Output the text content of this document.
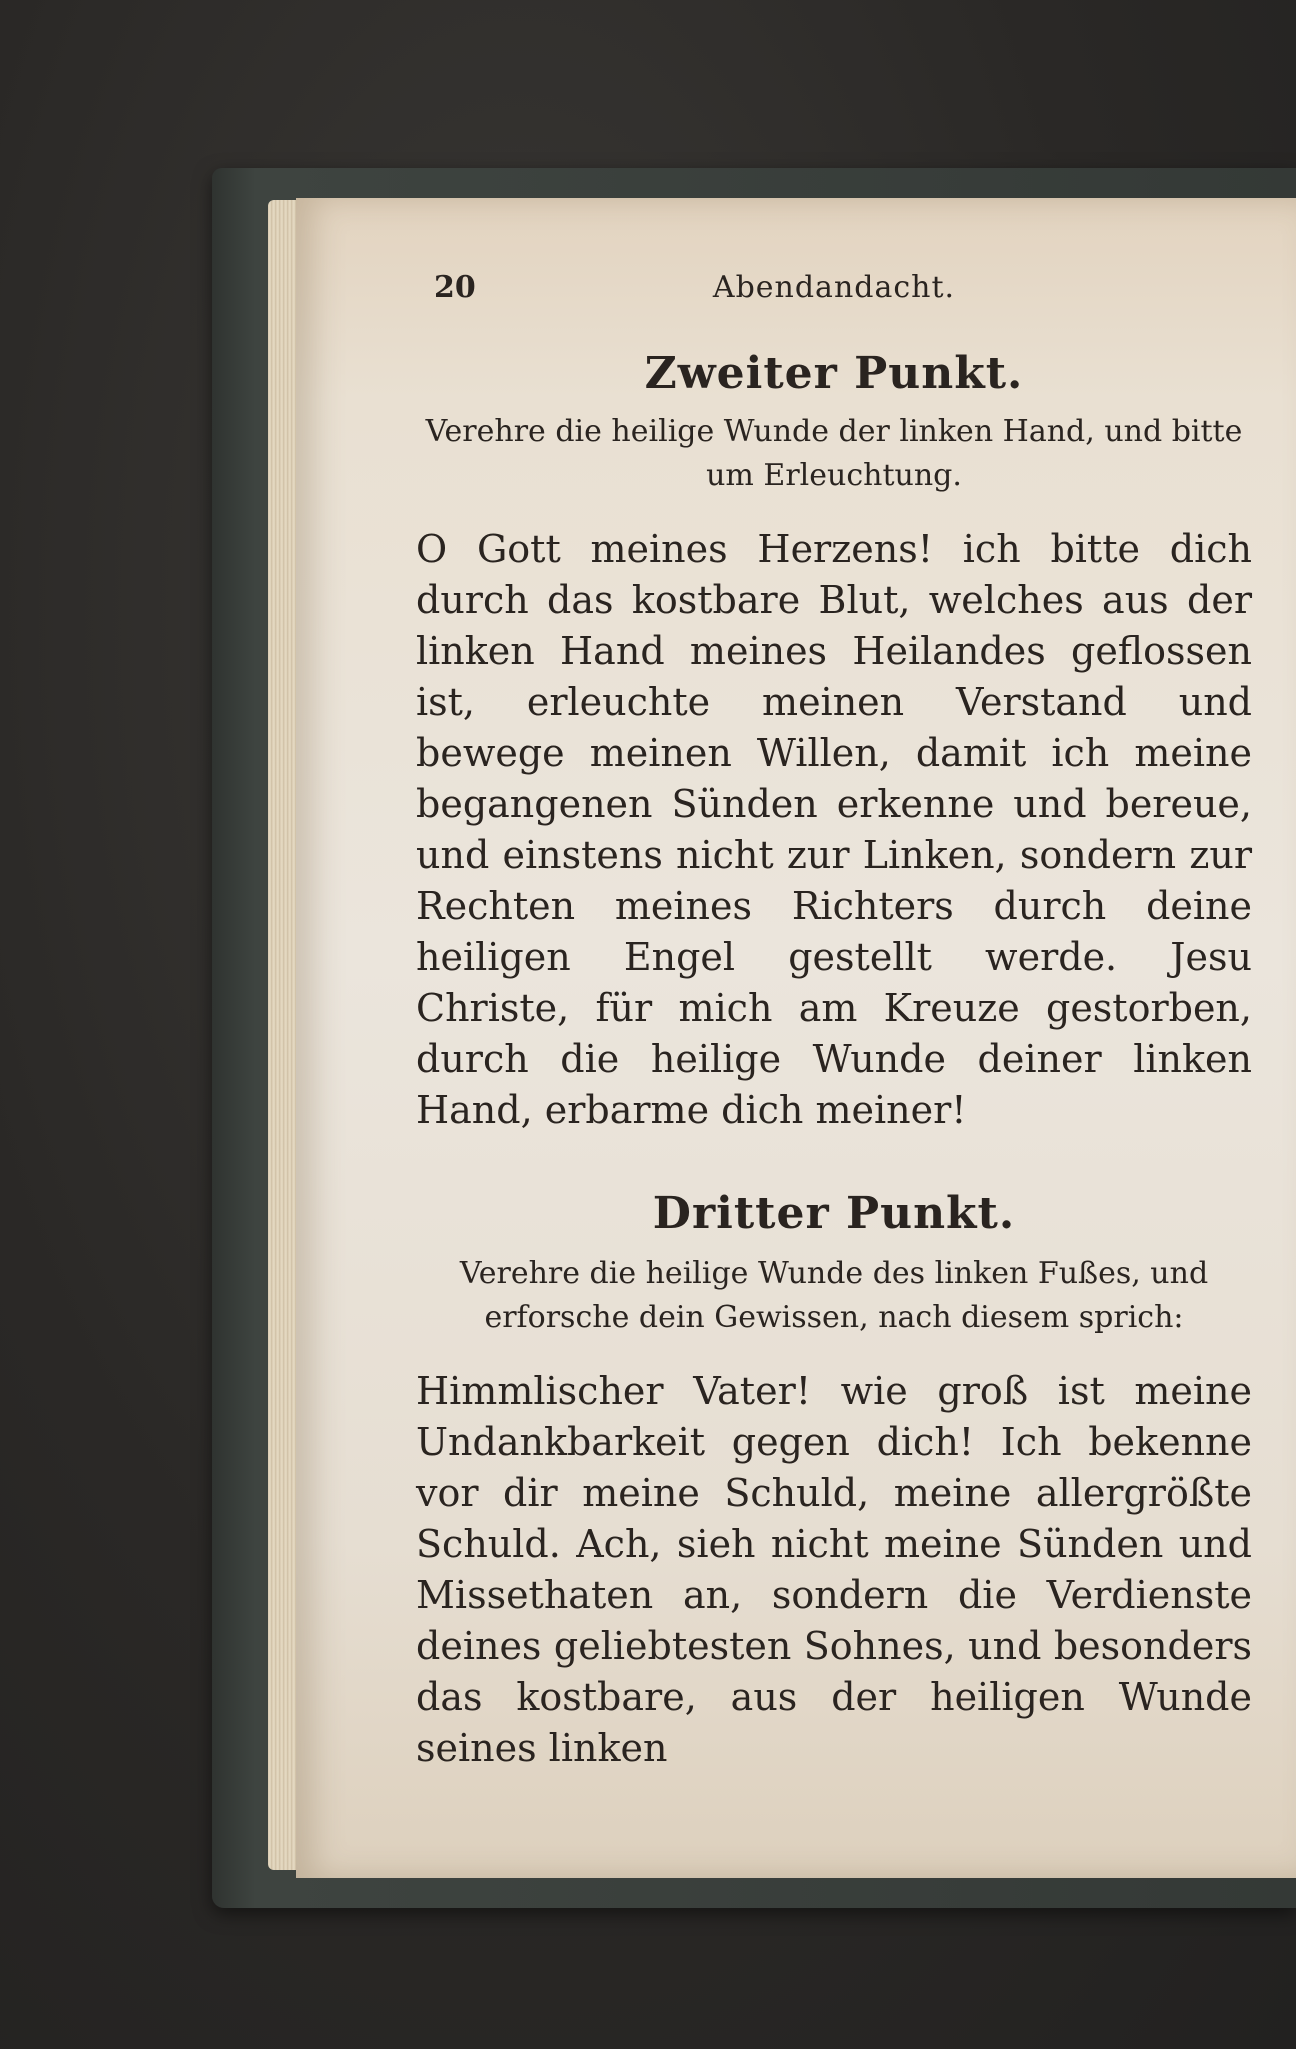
20	Abendandacht.
Zweiter Punkt.

Verehre die heilige Wunde der linken Hand, und bitte um Erleuchtung.

O Gott meines Herzens! ich bitte dich durch das kostbare Blut, welches aus der linken Hand meines Heilandes geflossen ist, erleuchte meinen Verstand und bewege meinen Willen, damit ich meine begangenen Sünden erkenne und bereue, und einstens nicht zur Linken, sondern zur Rechten meines Richters durch deine heiligen Engel gestellt werde. Jesu Christe, für mich am Kreuze gestorben, durch die heilige Wunde deiner linken Hand, erbarme dich meiner!

Dritter Punkt.

Verehre die heilige Wunde des linken Fußes, und erforsche dein Gewissen, nach diesem sprich:

Himmlischer Vater! wie groß ist meine Undankbarkeit gegen dich! Ich bekenne vor dir meine Schuld, meine allergrößte Schuld. Ach, sieh nicht meine Sünden und Missethaten an, sondern die Verdienste deines geliebtesten Sohnes, und besonders das kostbare, aus der heiligen Wunde seines linken
